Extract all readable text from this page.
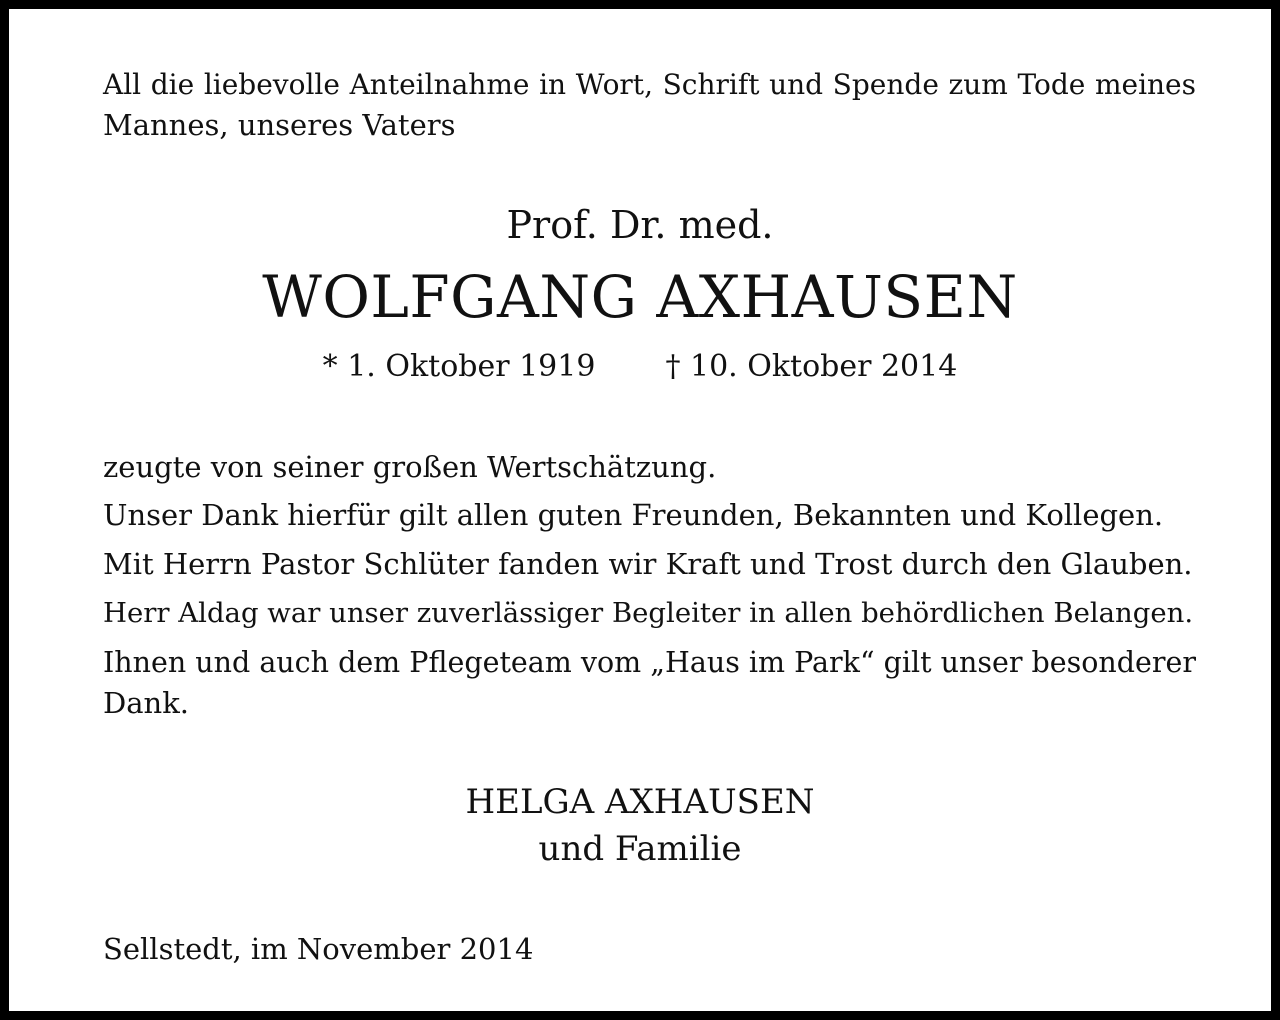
All die liebevolle Anteilnahme in Wort, Schrift und Spende zum Tode meines
Mannes, unseres Vaters
Prof. Dr. med.
WOLFGANG AXHAUSEN
* 1. Oktober 1919 † 10. Oktober 2014
zeugte von seiner großen Wertschätzung.
Unser Dank hierfür gilt allen guten Freunden, Bekannten und Kollegen.
Mit Herrn Pastor Schlüter fanden wir Kraft und Trost durch den Glauben.
Herr Aldag war unser zuverlässiger Begleiter in allen behördlichen Belangen.
Ihnen und auch dem Pflegeteam vom „Haus im Park“ gilt unser besonderer
Dank.
HELGA AXHAUSEN
und Familie
Sellstedt, im November 2014
